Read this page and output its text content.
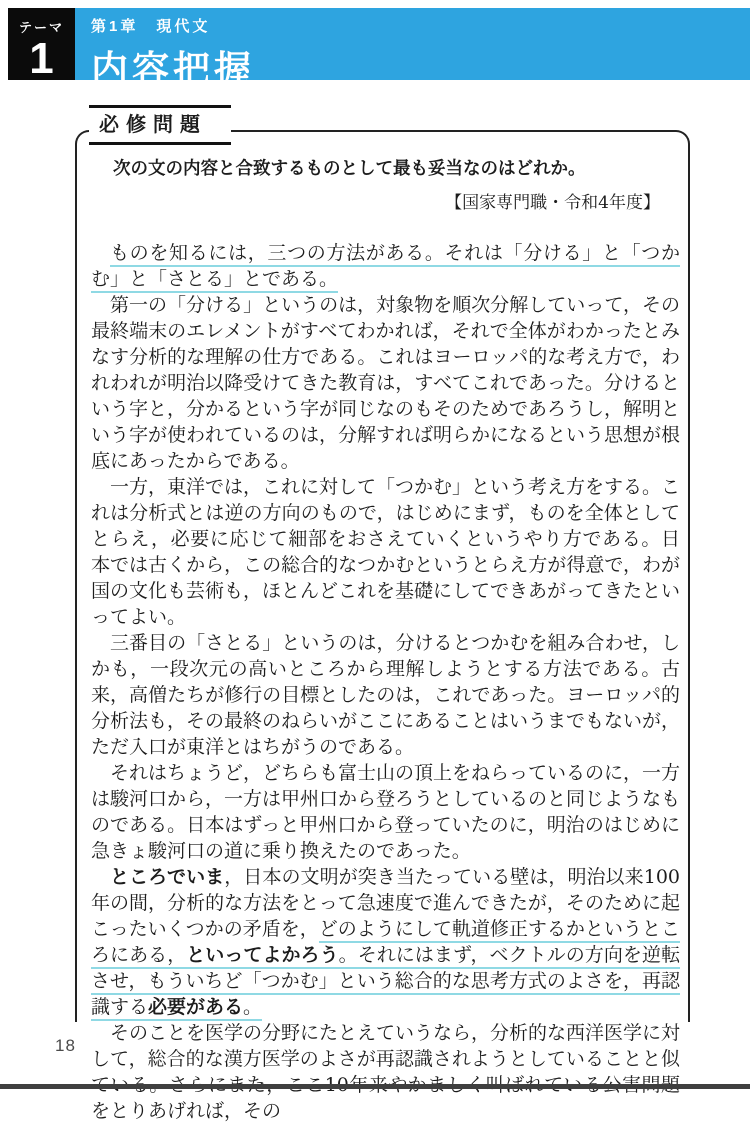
テーマ
1
第1章　現代文
内容把握
必修問題

次の文の内容と合致するものとして最も妥当なのはどれか。

【国家専門職・令和4年度】

ものを知るには，三つの方法がある。それは「分ける」と「つかむ」と「さとる」とである。

第一の「分ける」というのは，対象物を順次分解していって，その最終端末のエレメントがすべてわかれば，それで全体がわかったとみなす分析的な理解の仕方である。これはヨーロッパ的な考え方で，われわれが明治以降受けてきた教育は，すべてこれであった。分けるという字と，分かるという字が同じなのもそのためであろうし，解明という字が使われているのは，分解すれば明らかになるという思想が根底にあったからである。

一方，東洋では，これに対して「つかむ」という考え方をする。これは分析式とは逆の方向のもので，はじめにまず，ものを全体としてとらえ，必要に応じて細部をおさえていくというやり方である。日本では古くから，この総合的なつかむというとらえ方が得意で，わが国の文化も芸術も，ほとんどこれを基礎にしてできあがってきたといってよい。

三番目の「さとる」というのは，分けるとつかむを組み合わせ，しかも，一段次元の高いところから理解しようとする方法である。古来，高僧たちが修行の目標としたのは，これであった。ヨーロッパ的分析法も，その最終のねらいがここにあることはいうまでもないが，ただ入口が東洋とはちがうのである。

それはちょうど，どちらも富士山の頂上をねらっているのに，一方は駿河口から，一方は甲州口から登ろうとしているのと同じようなものである。日本はずっと甲州口から登っていたのに，明治のはじめに急きょ駿河口の道に乗り換えたのであった。

ところでいま，日本の文明が突き当たっている壁は，明治以来100年の間，分析的な方法をとって急速度で進んできたが，そのために起こったいくつかの矛盾を，どのようにして軌道修正するかというところにある，といってよかろう。それにはまず，ベクトルの方向を逆転させ，もういちど「つかむ」という総合的な思考方式のよさを，再認識する必要がある。

そのことを医学の分野にたとえていうなら，分析的な西洋医学に対して，総合的な漢方医学のよさが再認識されようとしていることと似 をとりあげれば，その

18
